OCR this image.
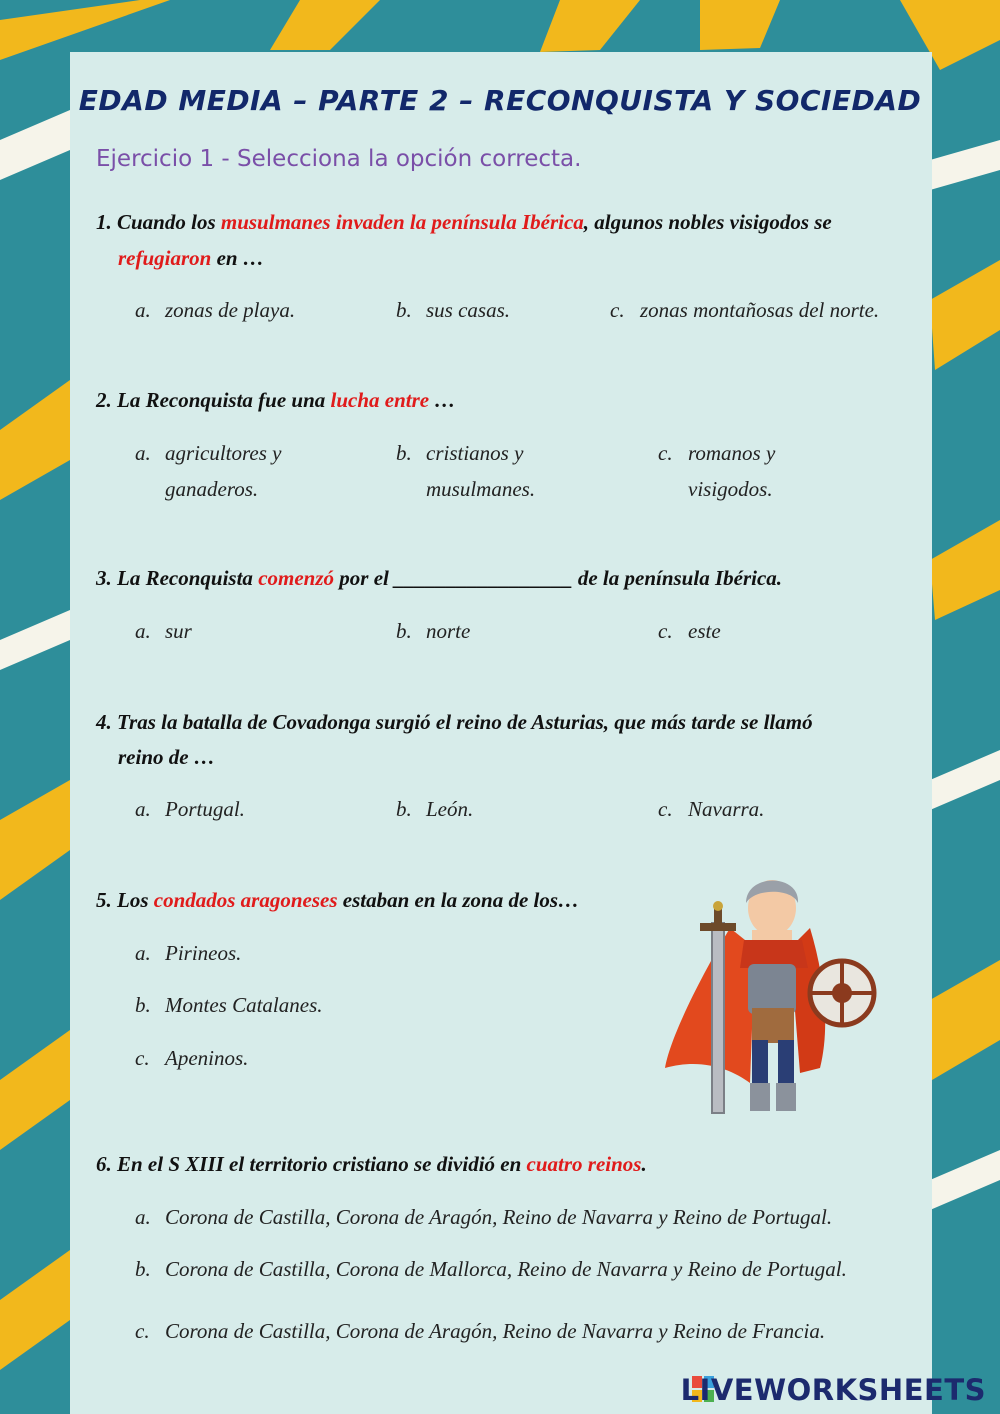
EDAD MEDIA – PARTE 2 – RECONQUISTA Y SOCIEDAD
Ejercicio 1 - Selecciona la opción correcta.
1. Cuando los musulmanes invaden la península Ibérica, algunos nobles visigodos se
refugiaron en …
a. zonas de playa.	b. sus casas.	c. zonas montañosas del norte.
2. La Reconquista fue una lucha entre …
a. agricultores y
ganaderos.
b. cristianos y
musulmanes.
c. romanos y
visigodos.
3. La Reconquista comenzó por el _________________ de la península Ibérica.
a. sur	b. norte	c. este
4. Tras la batalla de Covadonga surgió el reino de Asturias, que más tarde se llamó
reino de …
a. Portugal.	b. León.	c. Navarra.
5. Los condados aragoneses estaban en la zona de los…
a. Pirineos.
b. Montes Catalanes.
c. Apeninos.
6. En el S XIII el territorio cristiano se dividió en cuatro reinos.
a. Corona de Castilla, Corona de Aragón, Reino de Navarra y Reino de Portugal.
b. Corona de Castilla, Corona de Mallorca, Reino de Navarra y Reino de Portugal.
c. Corona de Castilla, Corona de Aragón, Reino de Navarra y Reino de Francia.
LIVEWORKSHEETS
